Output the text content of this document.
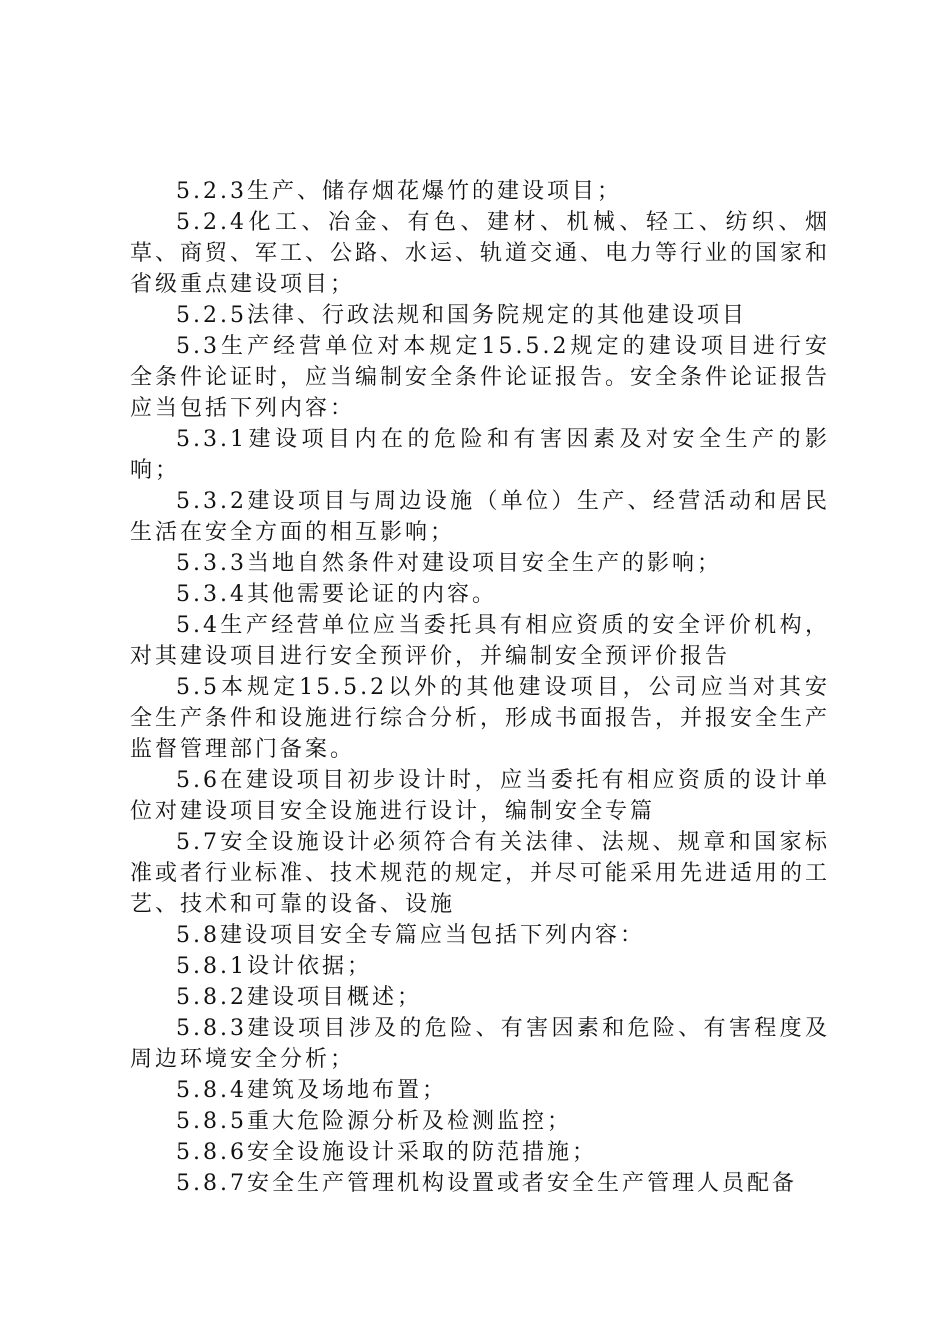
5.2.3生产、储存烟花爆竹的建设项目；

5.2.4化工、冶金、有色、建材、机械、轻工、纺织、烟草、商贸、军工、公路、水运、轨道交通、电力等行业的国家和省级重点建设项目；

5.2.5法律、行政法规和国务院规定的其他建设项目

5.3生产经营单位对本规定15.5.2规定的建设项目进行安全条件论证时，应当编制安全条件论证报告。安全条件论证报告应当包括下列内容：

5.3.1建设项目内在的危险和有害因素及对安全生产的影响；

5.3.2建设项目与周边设施（单位）生产、经营活动和居民生活在安全方面的相互影响；

5.3.3当地自然条件对建设项目安全生产的影响；

5.3.4其他需要论证的内容。

5.4生产经营单位应当委托具有相应资质的安全评价机构，对其建设项目进行安全预评价，并编制安全预评价报告

5.5本规定15.5.2以外的其他建设项目，公司应当对其安全生产条件和设施进行综合分析，形成书面报告，并报安全生产监督管理部门备案。

5.6在建设项目初步设计时，应当委托有相应资质的设计单位对建设项目安全设施进行设计，编制安全专篇

5.7安全设施设计必须符合有关法律、法规、规章和国家标准或者行业标准、技术规范的规定，并尽可能采用先进适用的工艺、技术和可靠的设备、设施

5.8建设项目安全专篇应当包括下列内容：

5.8.1设计依据；

5.8.2建设项目概述；

5.8.3建设项目涉及的危险、有害因素和危险、有害程度及周边环境安全分析；

5.8.4建筑及场地布置；

5.8.5重大危险源分析及检测监控；

5.8.6安全设施设计采取的防范措施；

5.8.7安全生产管理机构设置或者安全生产管理人员配备
